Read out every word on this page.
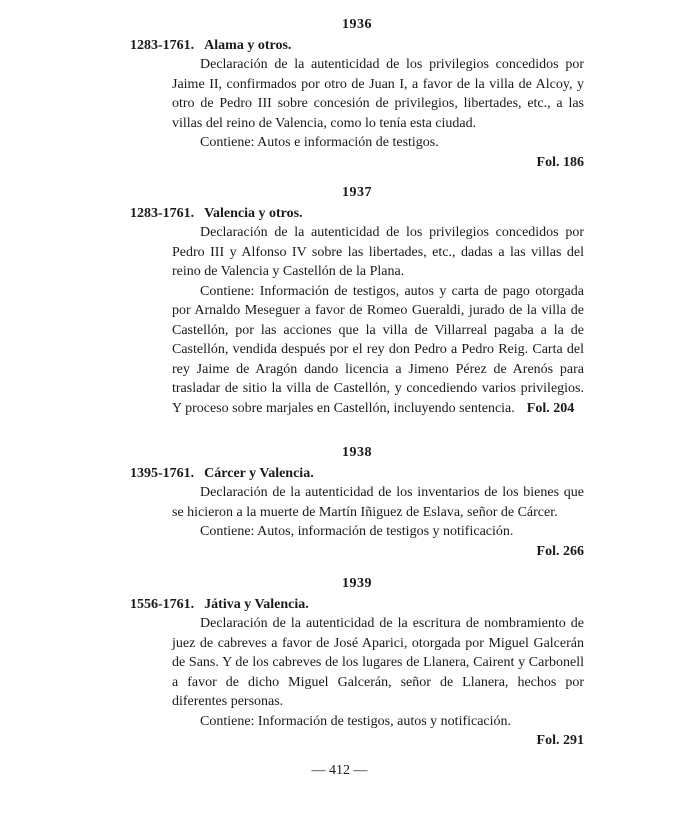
1936
1283-1761. Alama y otros.

Declaración de la autenticidad de los privilegios concedidos por Jaime II, confirmados por otro de Juan I, a favor de la villa de Alcoy, y otro de Pedro III sobre concesión de privilegios, libertades, etc., a las villas del reino de Valencia, como lo tenía esta ciudad.

Contiene: Autos e información de testigos.

Fol. 186
1937
1283-1761. Valencia y otros.

Declaración de la autenticidad de los privilegios concedidos por Pedro III y Alfonso IV sobre las libertades, etc., dadas a las villas del reino de Valencia y Castellón de la Plana.

Contiene: Información de testigos, autos y carta de pago otorgada por Arnaldo Meseguer a favor de Romeo Gueraldi, jurado de la villa de Castellón, por las acciones que la villa de Villarreal pagaba a la de Castellón, vendida después por el rey don Pedro a Pedro Reig. Carta del rey Jaime de Aragón dando licencia a Jimeno Pérez de Arenós para trasladar de sitio la villa de Castellón, y concediendo varios privilegios. Y proceso sobre marjales en Castellón, incluyendo sentencia. Fol. 204

1938
1395-1761. Cárcer y Valencia.

Declaración de la autenticidad de los inventarios de los bienes que se hicieron a la muerte de Martín Iñiguez de Eslava, señor de Cárcer.

Contiene: Autos, información de testigos y notificación.

Fol. 266
1939
1556-1761. Játiva y Valencia.

Declaración de la autenticidad de la escritura de nombramiento de juez de cabreves a favor de José Aparici, otorgada por Miguel Galcerán de Sans. Y de los cabreves de los lugares de Llanera, Cairent y Carbonell a favor de dicho Miguel Galcerán, señor de Llanera, hechos por diferentes personas.

Contiene: Información de testigos, autos y notificación.

Fol. 291
— 412 —
